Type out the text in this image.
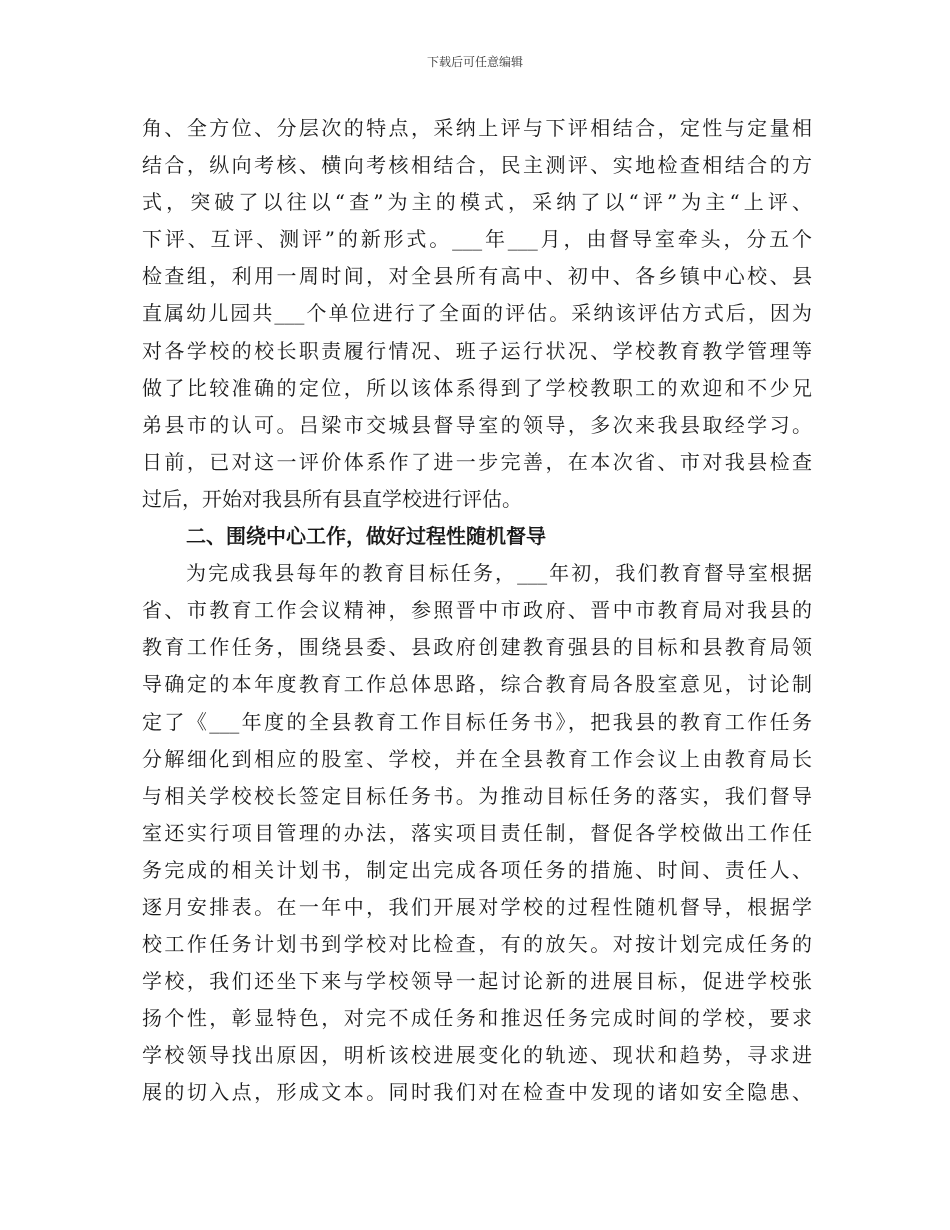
下载后可任意编辑
角、全方位、分层次的特点，采纳上评与下评相结合，定性与定量相
结合，纵向考核、横向考核相结合，民主测评、实地检查相结合的方
式，突破了以往以“查”为主的模式，采纳了以“评”为主“上评、
下评、互评、测评”的新形式。___年___月，由督导室牵头，分五个
检查组，利用一周时间，对全县所有高中、初中、各乡镇中心校、县
直属幼儿园共___个单位进行了全面的评估。采纳该评估方式后，因为
对各学校的校长职责履行情况、班子运行状况、学校教育教学管理等
做了比较准确的定位，所以该体系得到了学校教职工的欢迎和不少兄
弟县市的认可。吕梁市交城县督导室的领导，多次来我县取经学习。
日前，已对这一评价体系作了进一步完善，在本次省、市对我县检查
过后，开始对我县所有县直学校进行评估。
二、围绕中心工作，做好过程性随机督导
为完成我县每年的教育目标任务，___年初，我们教育督导室根据
省、市教育工作会议精神，参照晋中市政府、晋中市教育局对我县的
教育工作任务，围绕县委、县政府创建教育强县的目标和县教育局领
导确定的本年度教育工作总体思路，综合教育局各股室意见，讨论制
定了《___年度的全县教育工作目标任务书》，把我县的教育工作任务
分解细化到相应的股室、学校，并在全县教育工作会议上由教育局长
与相关学校校长签定目标任务书。为推动目标任务的落实，我们督导
室还实行项目管理的办法，落实项目责任制，督促各学校做出工作任
务完成的相关计划书，制定出完成各项任务的措施、时间、责任人、
逐月安排表。在一年中，我们开展对学校的过程性随机督导，根据学
校工作任务计划书到学校对比检查，有的放矢。对按计划完成任务的
学校，我们还坐下来与学校领导一起讨论新的进展目标，促进学校张
扬个性，彰显特色，对完不成任务和推迟任务完成时间的学校，要求
学校领导找出原因，明析该校进展变化的轨迹、现状和趋势，寻求进
展的切入点，形成文本。同时我们对在检查中发现的诸如安全隐患、
